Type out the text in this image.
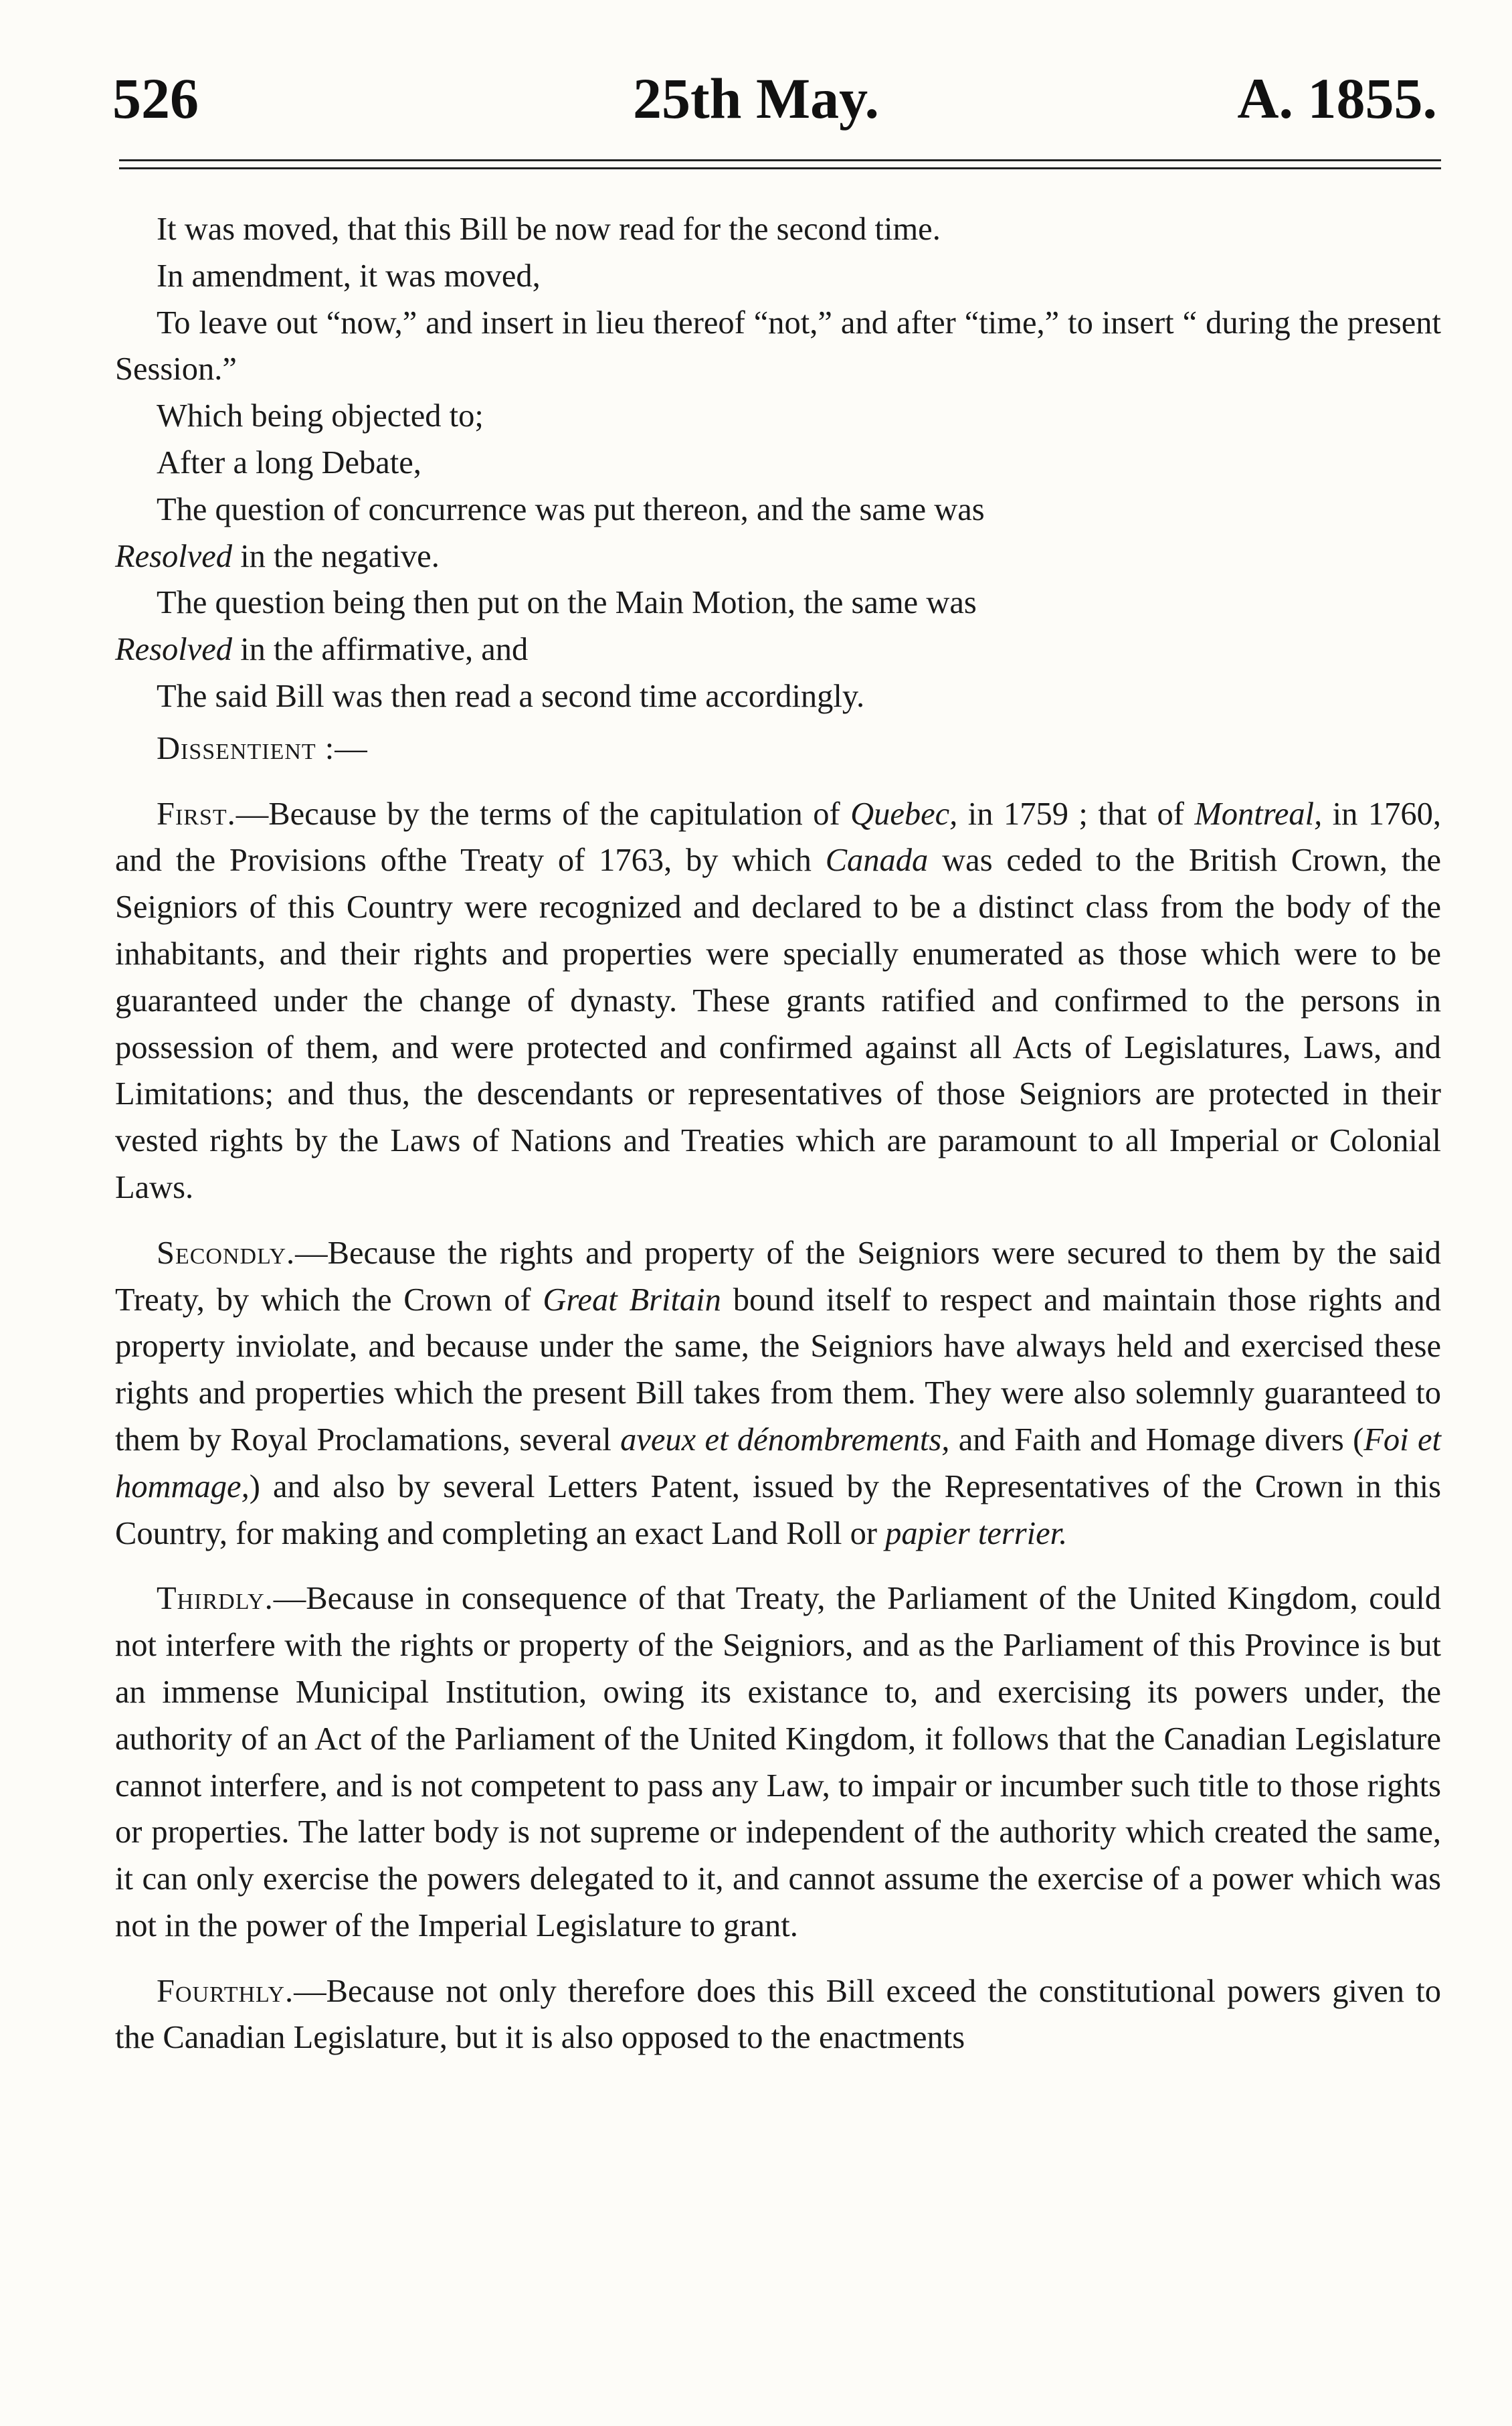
526	25th May.	A. 1855.

It was moved, that this Bill be now read for the second time.

In amendment, it was moved,

To leave out “now,” and insert in lieu thereof “not,” and after “time,” to insert “ during the present Session.”

Which being objected to;

After a long Debate,

The question of concurrence was put thereon, and the same was

Resolved in the negative.

The question being then put on the Main Motion, the same was

Resolved in the affirmative, and

The said Bill was then read a second time accordingly.

Dissentient :—

First.—Because by the terms of the capitulation of Quebec, in 1759 ; that of Montreal, in 1760, and the Provisions ofthe Treaty of 1763, by which Canada was ceded to the British Crown, the Seigniors of this Country were recognized and declared to be a distinct class from the body of the inhabitants, and their rights and properties were specially enumerated as those which were to be guaranteed under the change of dynasty. These grants ratified and confirmed to the persons in possession of them, and were protected and confirmed against all Acts of Legislatures, Laws, and Limitations; and thus, the descendants or representatives of those Seigniors are protected in their vested rights by the Laws of Nations and Treaties which are paramount to all Imperial or Colonial Laws.

Secondly.—Because the rights and property of the Seigniors were secured to them by the said Treaty, by which the Crown of Great Britain bound itself to respect and maintain those rights and property inviolate, and because under the same, the Seigniors have always held and exercised these rights and properties which the present Bill takes from them. They were also solemnly guaranteed to them by Royal Proclamations, several aveux et dénombrements, and Faith and Homage divers (Foi et hommage,) and also by several Letters Patent, issued by the Representatives of the Crown in this Country, for making and completing an exact Land Roll or papier terrier.

Thirdly.—Because in consequence of that Treaty, the Parliament of the United Kingdom, could not interfere with the rights or property of the Seigniors, and as the Parliament of this Province is but an immense Municipal Institution, owing its existance to, and exercising its powers under, the authority of an Act of the Parliament of the United Kingdom, it follows that the Canadian Legislature cannot interfere, and is not competent to pass any Law, to impair or incumber such title to those rights or properties. The latter body is not supreme or independent of the authority which created the same, it can only exercise the powers delegated to it, and cannot assume the exercise of a power which was not in the power of the Imperial Legislature to grant.

Fourthly.—Because not only therefore does this Bill exceed the constitutional powers given to the Canadian Legislature, but it is also opposed to the enactments
